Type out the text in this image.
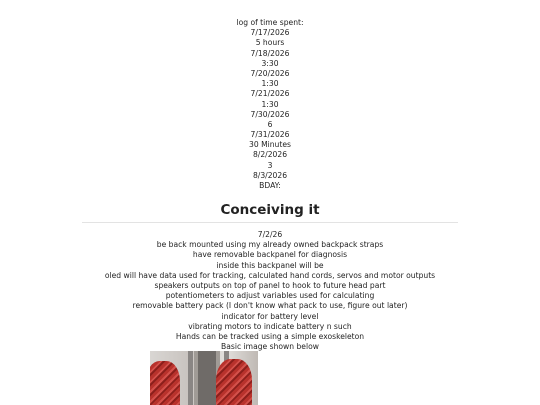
log of time spent:
7/17/2026
5 hours
7/18/2026
3:30
7/20/2026
1:30
7/21/2026
1:30
7/30/2026
6
7/31/2026
30 Minutes
8/2/2026
3
8/3/2026
BDAY:
Conceiving it
7/2/26
be back mounted using my already owned backpack straps
have removable backpanel for diagnosis
inside this backpanel will be
oled will have data used for tracking, calculated hand cords, servos and motor outputs
speakers outputs on top of panel to hook to future head part
potentiometers to adjust variables used for calculating
removable battery pack (I don't know what pack to use, figure out later)
indicator for battery level
vibrating motors to indicate battery n such
Hands can be tracked using a simple exoskeleton
Basic image shown below
